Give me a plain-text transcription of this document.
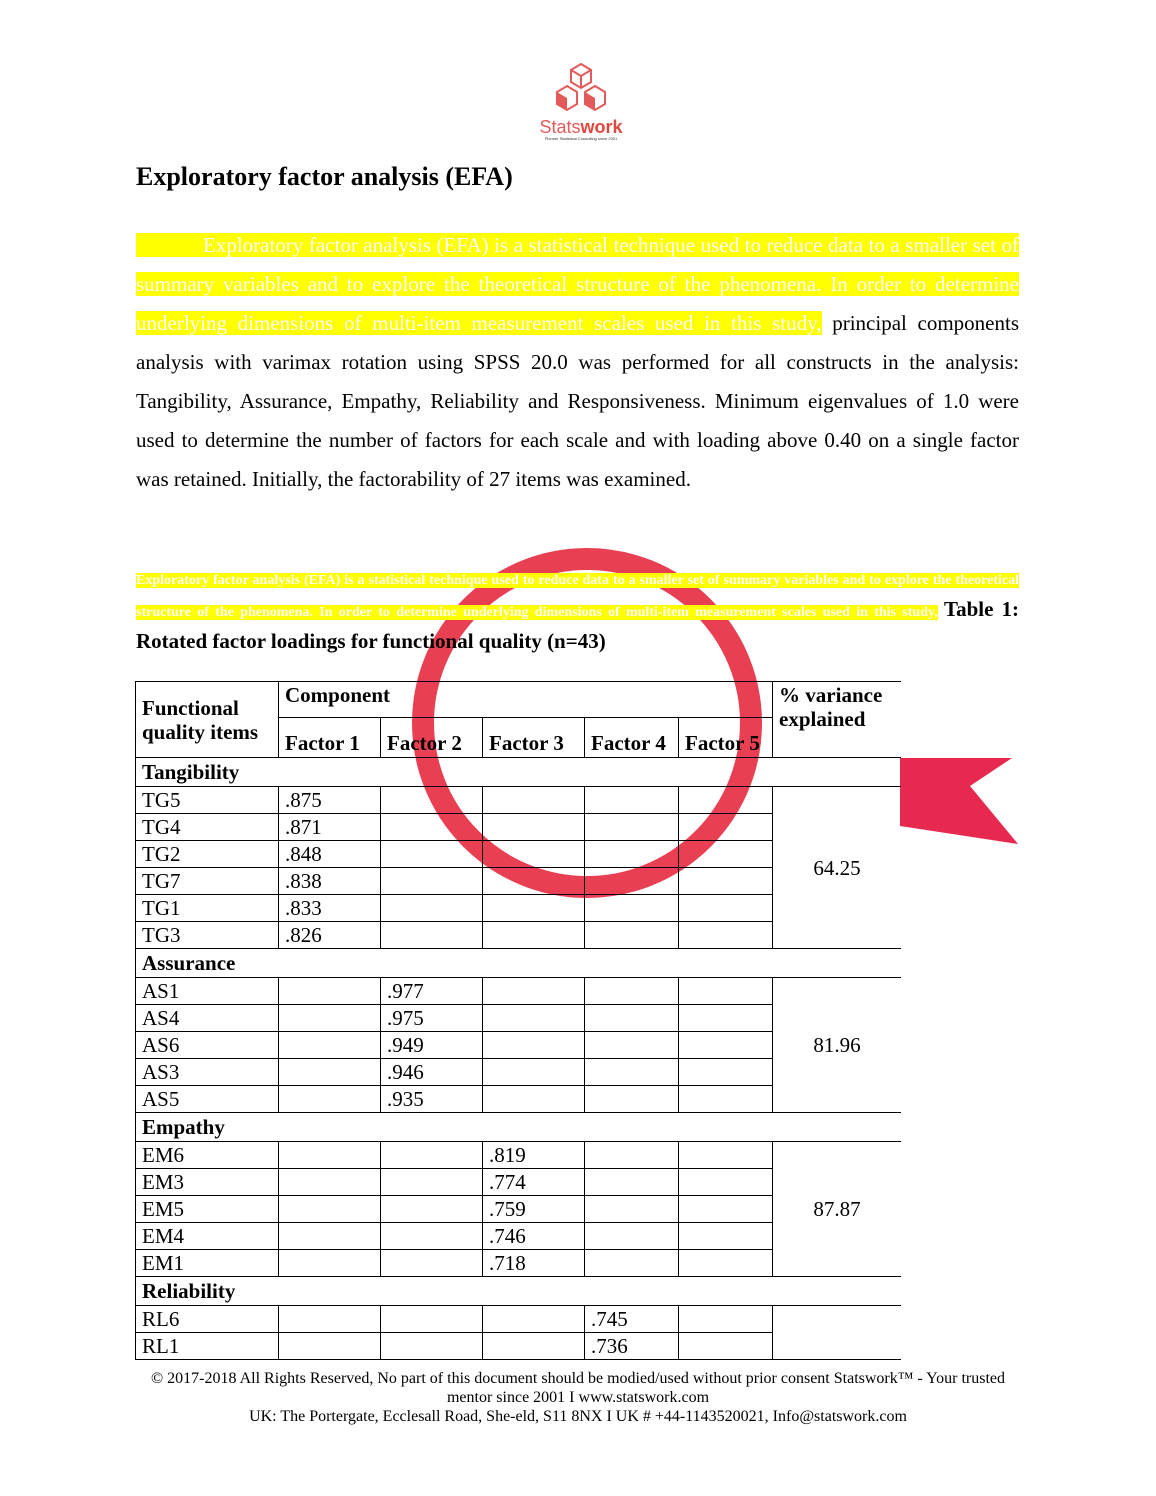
Statswork
Pioneer Statistical Consulting since 2001
Exploratory factor analysis (EFA)

Exploratory factor analysis (EFA) is a statistical technique used to reduce data to a smaller set of summary variables and to explore the theoretical structure of the phenomena. In order to determine underlying dimensions of multi-item measurement scales used in this study, principal components analysis with varimax rotation using SPSS 20.0 was performed for all constructs in the analysis: Tangibility, Assurance, Empathy, Reliability and Responsiveness. Minimum eigenvalues of 1.0 were used to determine the number of factors for each scale and with loading above 0.40 on a single factor was retained. Initially, the factorability of 27 items was examined.

Exploratory factor analysis (EFA) is a statistical technique used to reduce data to a smaller set of summary variables and to explore the theoretical structure of the phenomena. In order to determine underlying dimensions of multi-item measurement scales used in this study, Table 1: Rotated factor loadings for functional quality (n=43)

Functional quality items	Component					% variance explained
	Factor 1	Factor 2	Factor 3	Factor 4	Factor 5	
Tangibility						
TG5	.875					64.25
TG4	.871					
TG2	.848					
TG7	.838					
TG1	.833					
TG3	.826					
Assurance						
AS1		.977				81.96
AS4		.975				
AS6		.949				
AS3		.946				
AS5		.935				
Empathy						
EM6			.819			87.87
EM3			.774			
EM5			.759			
EM4			.746			
EM1			.718			
Reliability						
RL6				.745		
RL1				.736		
© 2017-2018 All Rights Reserved, No part of this document should be modied/used without prior consent Statswork™ - Your trusted mentor since 2001 I www.statswork.com
UK: The Portergate, Ecclesall Road, She-eld, S11 8NX I UK # +44-1143520021, Info@statswork.com
